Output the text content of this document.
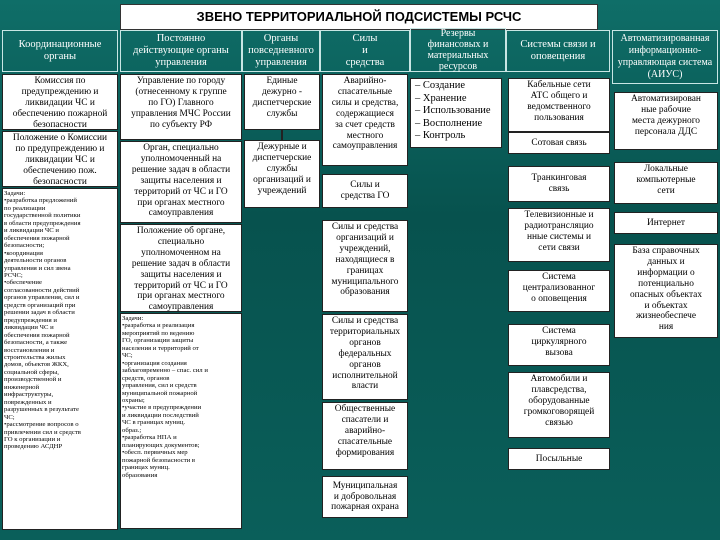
ЗВЕНО ТЕРРИТОРИАЛЬНОЙ ПОДСИСТЕМЫ РСЧС
Координационные
органы
Постоянно
действующие органы
управления
Органы
повседневного
управления
Силы
и
средства
Резервы
финансовых и
материальных
ресурсов
Системы связи и
оповещения
Автоматизированная
информационно-
управляющая система
(АИУС)
Комиссия по
предупреждению и
ликвидации ЧС и
обеспечению пожарной
безопасности
Положение о Комиссии
по предупреждению и
ликвидации ЧС и
обеспечению пож.
безопасности
Задачи:
•разработка предложений
по реализации
государственной политики
в области предупреждения
и ликвидации ЧС и
обеспечения пожарной
безопасности;
•координация
деятельности органов
управления и сил звена
РСЧС;
•обеспечение
согласованности действий
органов управления, сил и
средств организаций при
решении задач в области
предупреждения и
ликвидации ЧС и
обеспечения пожарной
безопасности, а также
восстановления и
строительства жилых
домов, объектов ЖКХ,
социальной сферы,
производственной и
инженерной
инфраструктуры,
поврежденных и
разрушенных в результате
ЧС;
•рассмотрение вопросов о
привлечении сил и средств
ГО к организации и
проведению АСДНР
Управление по городу
(отнесенному к группе
по ГО) Главного
управления МЧС России
по субъекту РФ
Орган, специально
уполномоченный на
решение задач в области
защиты населения и
территорий от ЧС и ГО
при органах местного
самоуправления
Положение об органе,
специально
уполномоченном на
решение задач в области
защиты населения и
территорий от ЧС и ГО
при органах местного
самоуправления
Задачи:
•разработка и реализация
мероприятий по ведению
ГО, организации защиты
населения и территорий от
ЧС;
•организация создания
заблаговременно – спас. сил и
средств, органов
управления, сил и средств
муниципальной пожарной
охраны;
•участие в предупреждении
и ликвидации последствий
ЧС в границах муниц.
образ.;
•разработка НПА и
планирующих документов;
•обесп. первичных мер
пожарной безопасности в
границах муниц.
образования
Единые
дежурно -
диспетчерские
службы
Дежурные и
диспетчерские
службы
организаций и
учреждений
Аварийно-
спасательные
силы и средства,
содержащиеся
за счет средств
местного
самоуправления
Силы и
средства ГО
Силы и средства
организаций и
учреждений,
находящиеся в
границах
муниципального
образования
Силы и средства
территориальных
органов
федеральных
органов
исполнительной
власти
Общественные
спасатели и
аварийно-
спасательные
формирования
Муниципальная
и добровольная
пожарная охрана
– Создание
– Хранение
– Использование
– Восполнение
– Контроль
Кабельные сети
АТС общего и
ведомственного
пользования
Сотовая связь
Транкинговая
связь
Телевизионные и
радиотрансляцио
нные системы и
сети связи
Система
централизованног
о оповещения
Система
циркулярного
вызова
Автомобили и
плавсредства,
оборудованные
громкоговорящей
связью
Посыльные
Автоматизирован
ные рабочие
места дежурного
персонала ДДС
Локальные
компьютерные
сети
Интернет
База справочных
данных и
информации о
потенциально
опасных объектах
и объектах
жизнеобеспече
ния
